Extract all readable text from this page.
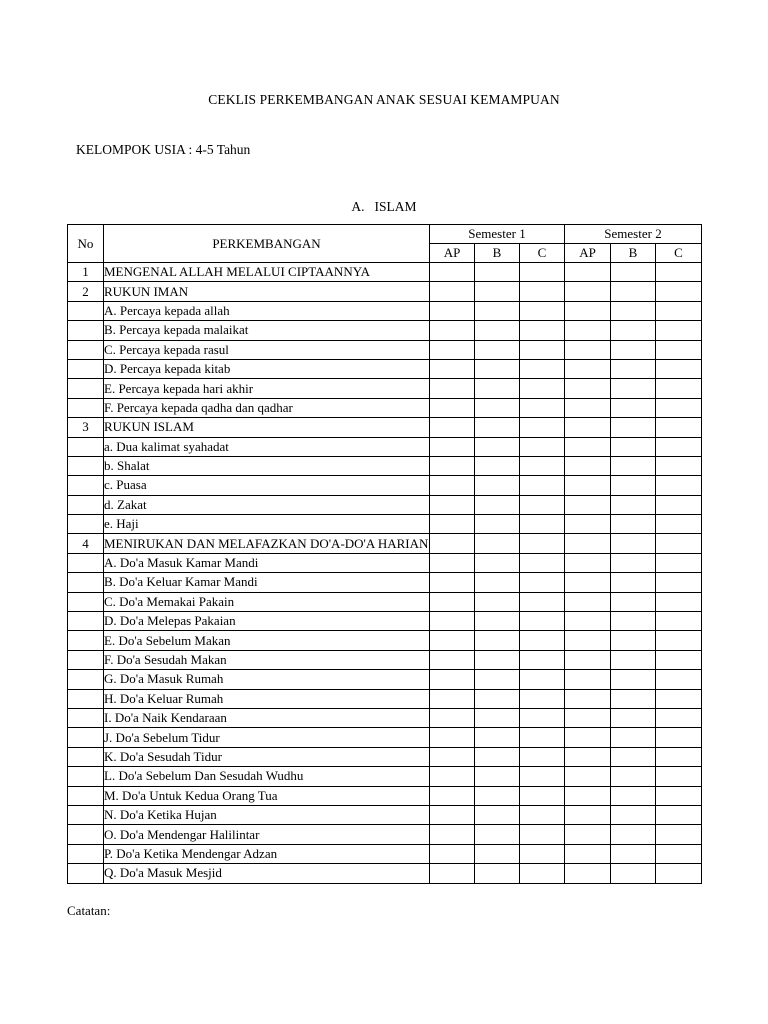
CEKLIS PERKEMBANGAN ANAK SESUAI KEMAMPUAN
KELOMPOK USIA : 4-5 Tahun
A. ISLAM
No	PERKEMBANGAN	Semester 1			Semester 2		
		AP	B	C	AP	B	C
1	MENGENAL ALLAH MELALUI CIPTAANNYA						
2	RUKUN IMAN						
	A. Percaya kepada allah						
	B. Percaya kepada malaikat						
	C. Percaya kepada rasul						
	D. Percaya kepada kitab						
	E. Percaya kepada hari akhir						
	F. Percaya kepada qadha dan qadhar						
3	RUKUN ISLAM						
	a. Dua kalimat syahadat						
	b. Shalat						
	c. Puasa						
	d. Zakat						
	e. Haji						
4	MENIRUKAN DAN MELAFAZKAN DO'A-DO'A HARIAN						
	A. Do'a Masuk Kamar Mandi						
	B. Do'a Keluar Kamar Mandi						
	C. Do'a Memakai Pakain						
	D. Do'a Melepas Pakaian						
	E. Do'a Sebelum Makan						
	F. Do'a Sesudah Makan						
	G. Do'a Masuk Rumah						
	H. Do'a Keluar Rumah						
	I. Do'a Naik Kendaraan						
	J. Do'a Sebelum Tidur						
	K. Do'a Sesudah Tidur						
	L. Do'a Sebelum Dan Sesudah Wudhu						
	M. Do'a Untuk Kedua Orang Tua						
	N. Do'a Ketika Hujan						
	O. Do'a Mendengar Halilintar						
	P. Do'a Ketika Mendengar Adzan						
	Q. Do'a Masuk Mesjid						
Catatan:
